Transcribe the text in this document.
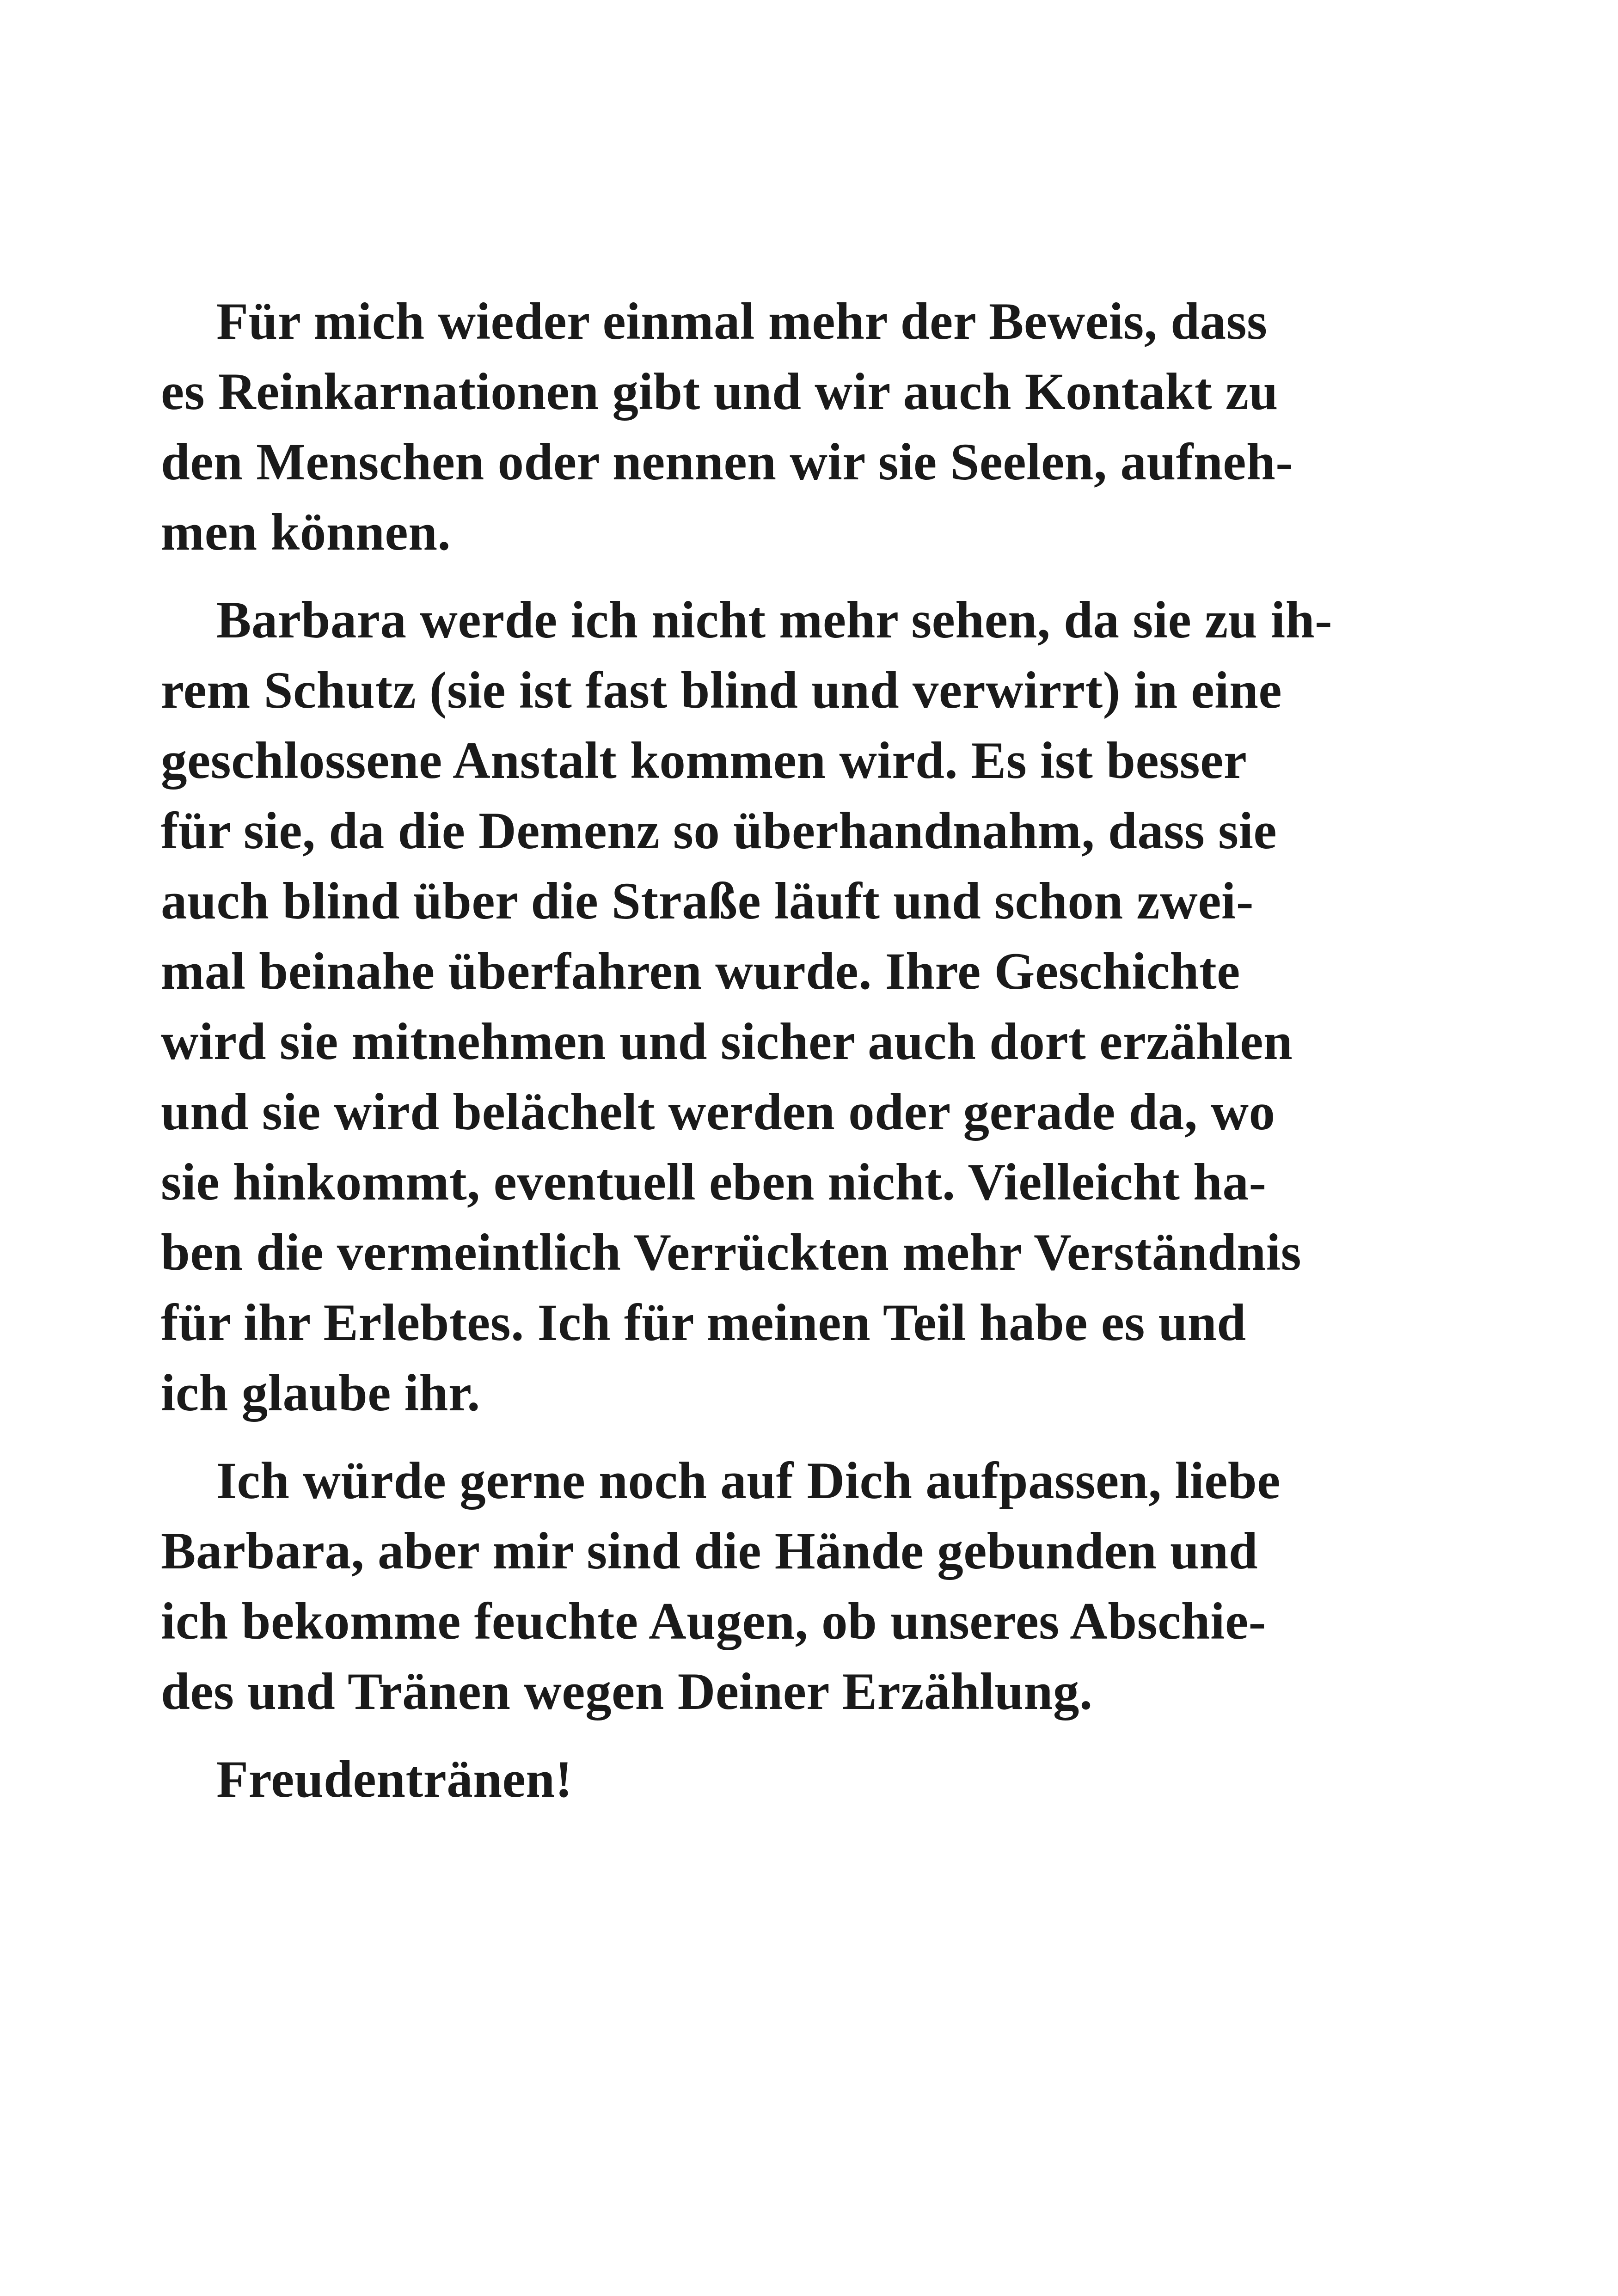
Für mich wieder einmal mehr der Beweis, dass
es Reinkarnationen gibt und wir auch Kontakt zu
den Menschen oder nennen wir sie Seelen, aufneh-
men können.

Barbara werde ich nicht mehr sehen, da sie zu ih-
rem Schutz (sie ist fast blind und verwirrt) in eine
geschlossene Anstalt kommen wird. Es ist besser
für sie, da die Demenz so überhandnahm, dass sie
auch blind über die Straße läuft und schon zwei-
mal beinahe überfahren wurde. Ihre Geschichte
wird sie mitnehmen und sicher auch dort erzählen
und sie wird belächelt werden oder gerade da, wo
sie hinkommt, eventuell eben nicht. Vielleicht ha-
ben die vermeintlich Verrückten mehr Verständnis
für ihr Erlebtes. Ich für meinen Teil habe es und
ich glaube ihr.

Ich würde gerne noch auf Dich aufpassen, liebe
Barbara, aber mir sind die Hände gebunden und
ich bekomme feuchte Augen, ob unseres Abschie-
des und Tränen wegen Deiner Erzählung.

Freudentränen!
